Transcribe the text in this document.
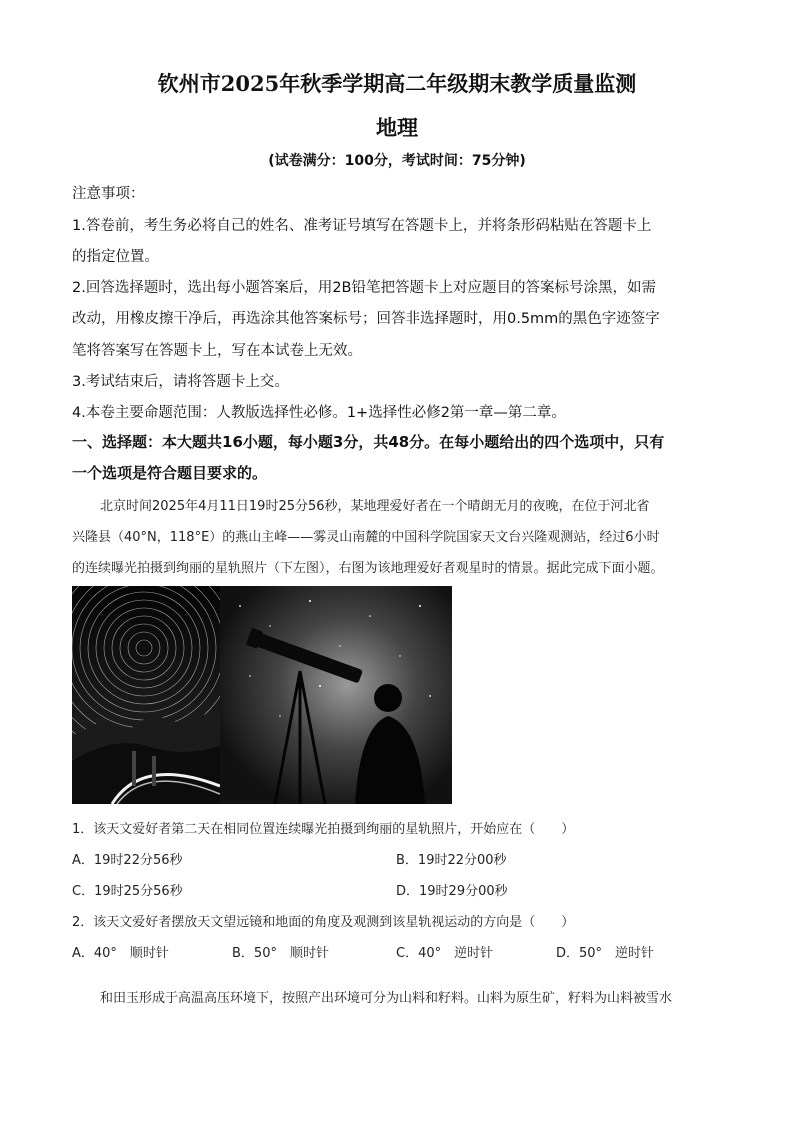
钦州市2025年秋季学期高二年级期末教学质量监测
地理
(试卷满分：100分，考试时间：75分钟)
注意事项：
1.答卷前，考生务必将自己的姓名、准考证号填写在答题卡上，并将条形码粘贴在答题卡上
的指定位置。
2.回答选择题时，选出每小题答案后，用2B铅笔把答题卡上对应题目的答案标号涂黑，如需
改动，用橡皮擦干净后，再选涂其他答案标号；回答非选择题时，用0.5mm的黑色字迹签字
笔将答案写在答题卡上，写在本试卷上无效。
3.考试结束后，请将答题卡上交。
4.本卷主要命题范围：人教版选择性必修。1+选择性必修2第一章—第二章。
一、选择题：本大题共16小题，每小题3分，共48分。在每小题给出的四个选项中，只有
一个选项是符合题目要求的。
北京时间2025年4月11日19时25分56秒，某地理爱好者在一个晴朗无月的夜晚，在位于河北省
兴隆县（40°N，118°E）的燕山主峰——雾灵山南麓的中国科学院国家天文台兴隆观测站，经过6小时
的连续曝光拍摄到绚丽的星轨照片（下左图），右图为该地理爱好者观星时的情景。据此完成下面小题。
1．该天文爱好者第二天在相同位置连续曝光拍摄到绚丽的星轨照片，开始应在（　　）
A．19时22分56秒	B．19时22分00秒
C．19时25分56秒	D．19时29分00秒
2．该天文爱好者摆放天文望远镜和地面的角度及观测到该星轨视运动的方向是（　　）
A．40°　顺时针	B．50°　顺时针	C．40°　逆时针	D．50°　逆时针
和田玉形成于高温高压环境下，按照产出环境可分为山料和籽料。山料为原生矿，籽料为山料被雪水
